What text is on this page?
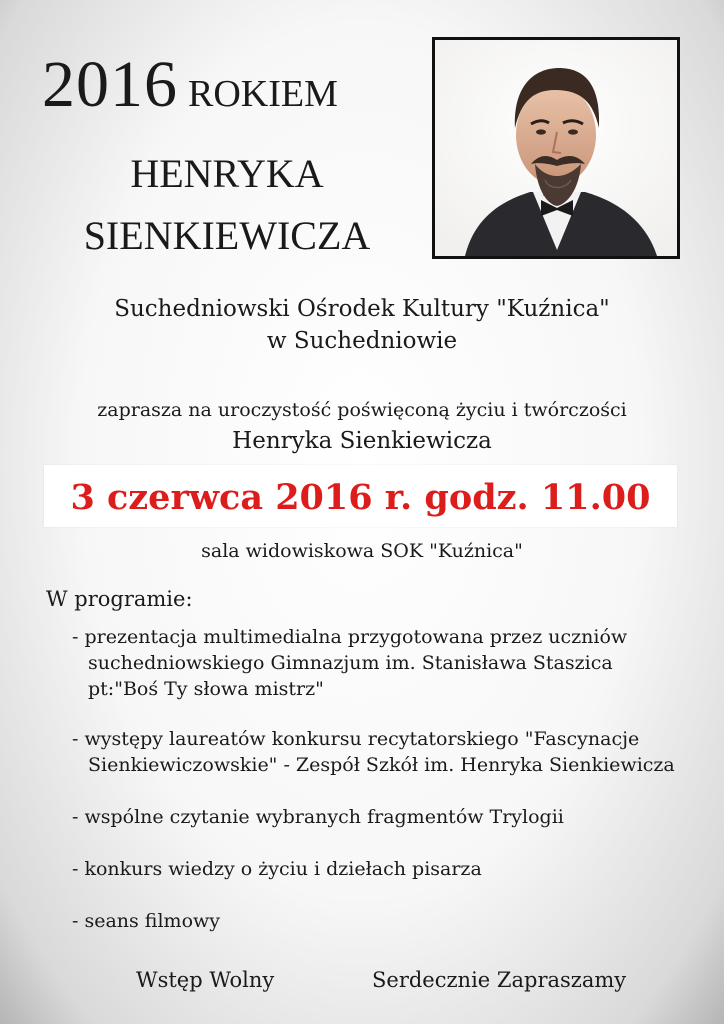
2016 ROKIEM
HENRYKA
SIENKIEWICZA
Suchedniowski Ośrodek Kultury "Kuźnica"
w Suchedniowie
zaprasza na uroczystość poświęconą życiu i twórczości
Henryka Sienkiewicza
3 czerwca 2016 r. godz. 11.00
sala widowiskowa SOK "Kuźnica"
W programie:
- prezentacja multimedialna przygotowana przez uczniów
suchedniowskiego Gimnazjum im. Stanisława Staszica
pt:"Boś Ty słowa mistrz"
- występy laureatów konkursu recytatorskiego "Fascynacje
Sienkiewiczowskie" - Zespół Szkół im. Henryka Sienkiewicza
- wspólne czytanie wybranych fragmentów Trylogii
- konkurs wiedzy o życiu i dziełach pisarza
- seans filmowy
Wstęp Wolny	Serdecznie Zapraszamy
